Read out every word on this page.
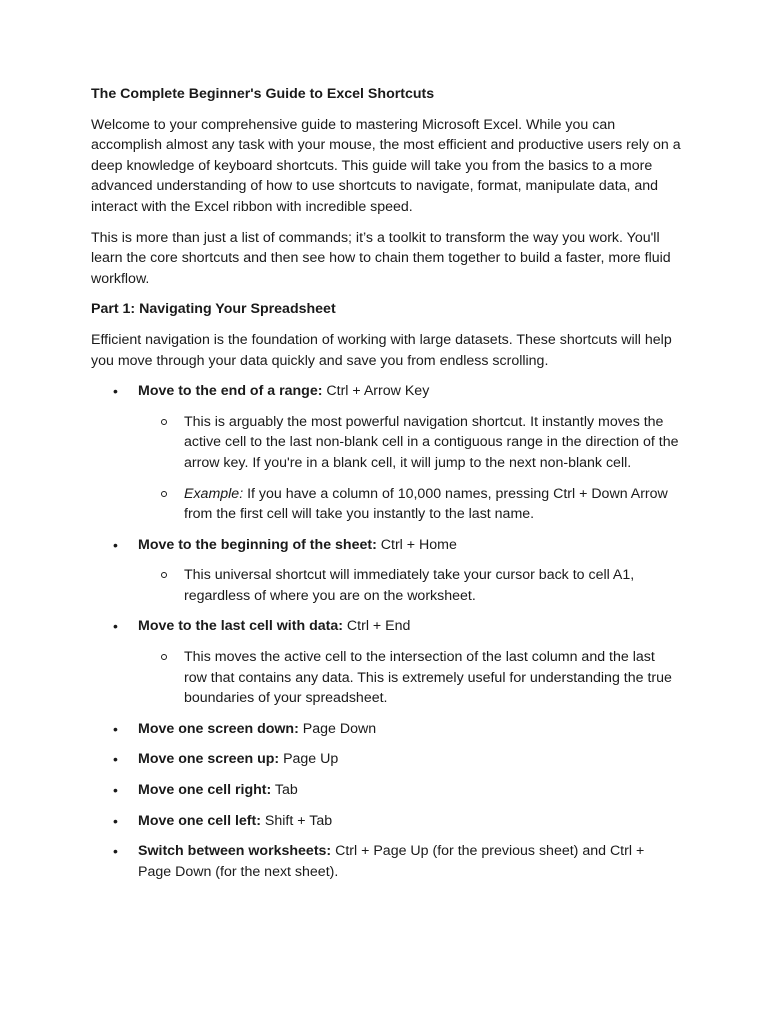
The Complete Beginner's Guide to Excel Shortcuts

Welcome to your comprehensive guide to mastering Microsoft Excel. While you can accomplish almost any task with your mouse, the most efficient and productive users rely on a deep knowledge of keyboard shortcuts. This guide will take you from the basics to a more advanced understanding of how to use shortcuts to navigate, format, manipulate data, and interact with the Excel ribbon with incredible speed.

This is more than just a list of commands; it’s a toolkit to transform the way you work. You'll learn the core shortcuts and then see how to chain them together to build a faster, more fluid workflow.

Part 1: Navigating Your Spreadsheet

Efficient navigation is the foundation of working with large datasets. These shortcuts will help you move through your data quickly and save you from endless scrolling.

• Move to the end of a range: Ctrl + Arrow Key
This is arguably the most powerful navigation shortcut. It instantly moves the active cell to the last non-blank cell in a contiguous range in the direction of the arrow key. If you're in a blank cell, it will jump to the next non-blank cell.
Example: If you have a column of 10,000 names, pressing Ctrl + Down Arrow from the first cell will take you instantly to the last name.
• Move to the beginning of the sheet: Ctrl + Home
This universal shortcut will immediately take your cursor back to cell A1, regardless of where you are on the worksheet.
• Move to the last cell with data: Ctrl + End
This moves the active cell to the intersection of the last column and the last row that contains any data. This is extremely useful for understanding the true boundaries of your spreadsheet.
• Move one screen down: Page Down
• Move one screen up: Page Up
• Move one cell right: Tab
• Move one cell left: Shift + Tab
• Switch between worksheets: Ctrl + Page Up (for the previous sheet) and Ctrl + Page Down (for the next sheet).
